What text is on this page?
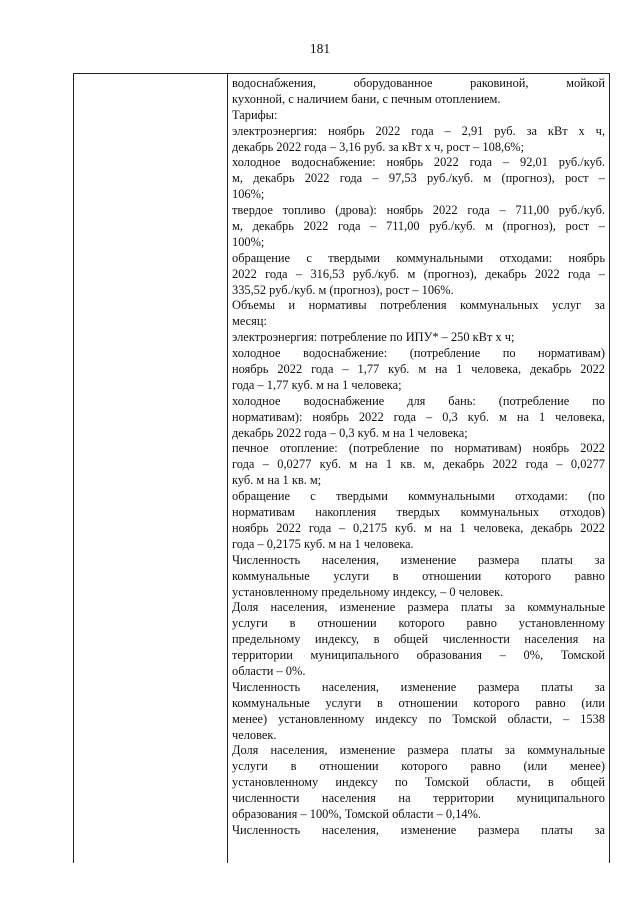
181
водоснабжения, оборудованное раковиной, мойкой
кухонной, с наличием бани, с печным отоплением.
Тарифы:
электроэнергия: ноябрь 2022 года – 2,91 руб. за кВт х ч,
декабрь 2022 года – 3,16 руб. за кВт х ч, рост – 108,6%;
холодное водоснабжение: ноябрь 2022 года – 92,01 руб./куб.
м, декабрь 2022 года – 97,53 руб./куб. м (прогноз), рост –
106%;
твердое топливо (дрова): ноябрь 2022 года – 711,00 руб./куб.
м, декабрь 2022 года – 711,00 руб./куб. м (прогноз), рост –
100%;
обращение с твердыми коммунальными отходами: ноябрь
2022 года – 316,53 руб./куб. м (прогноз), декабрь 2022 года –
335,52 руб./куб. м (прогноз), рост – 106%.
Объемы и нормативы потребления коммунальных услуг за
месяц:
электроэнергия: потребление по ИПУ* – 250 кВт х ч;
холодное водоснабжение: (потребление по нормативам)
ноябрь 2022 года – 1,77 куб. м на 1 человека, декабрь 2022
года – 1,77 куб. м на 1 человека;
холодное водоснабжение для бань: (потребление по
нормативам): ноябрь 2022 года – 0,3 куб. м на 1 человека,
декабрь 2022 года – 0,3 куб. м на 1 человека;
печное отопление: (потребление по нормативам) ноябрь 2022
года – 0,0277 куб. м на 1 кв. м, декабрь 2022 года – 0,0277
куб. м на 1 кв. м;
обращение с твердыми коммунальными отходами: (по
нормативам накопления твердых коммунальных отходов)
ноябрь 2022 года – 0,2175 куб. м на 1 человека, декабрь 2022
года – 0,2175 куб. м на 1 человека.
Численность населения, изменение размера платы за
коммунальные услуги в отношении которого равно
установленному предельному индексу, – 0 человек.
Доля населения, изменение размера платы за коммунальные
услуги в отношении которого равно установленному
предельному индексу, в общей численности населения на
территории муниципального образования – 0%, Томской
области – 0%.
Численность населения, изменение размера платы за
коммунальные услуги в отношении которого равно (или
менее) установленному индексу по Томской области, – 1538
человек.
Доля населения, изменение размера платы за коммунальные
услуги в отношении которого равно (или менее)
установленному индексу по Томской области, в общей
численности населения на территории муниципального
образования – 100%, Томской области – 0,14%.
Численность населения, изменение размера платы за
